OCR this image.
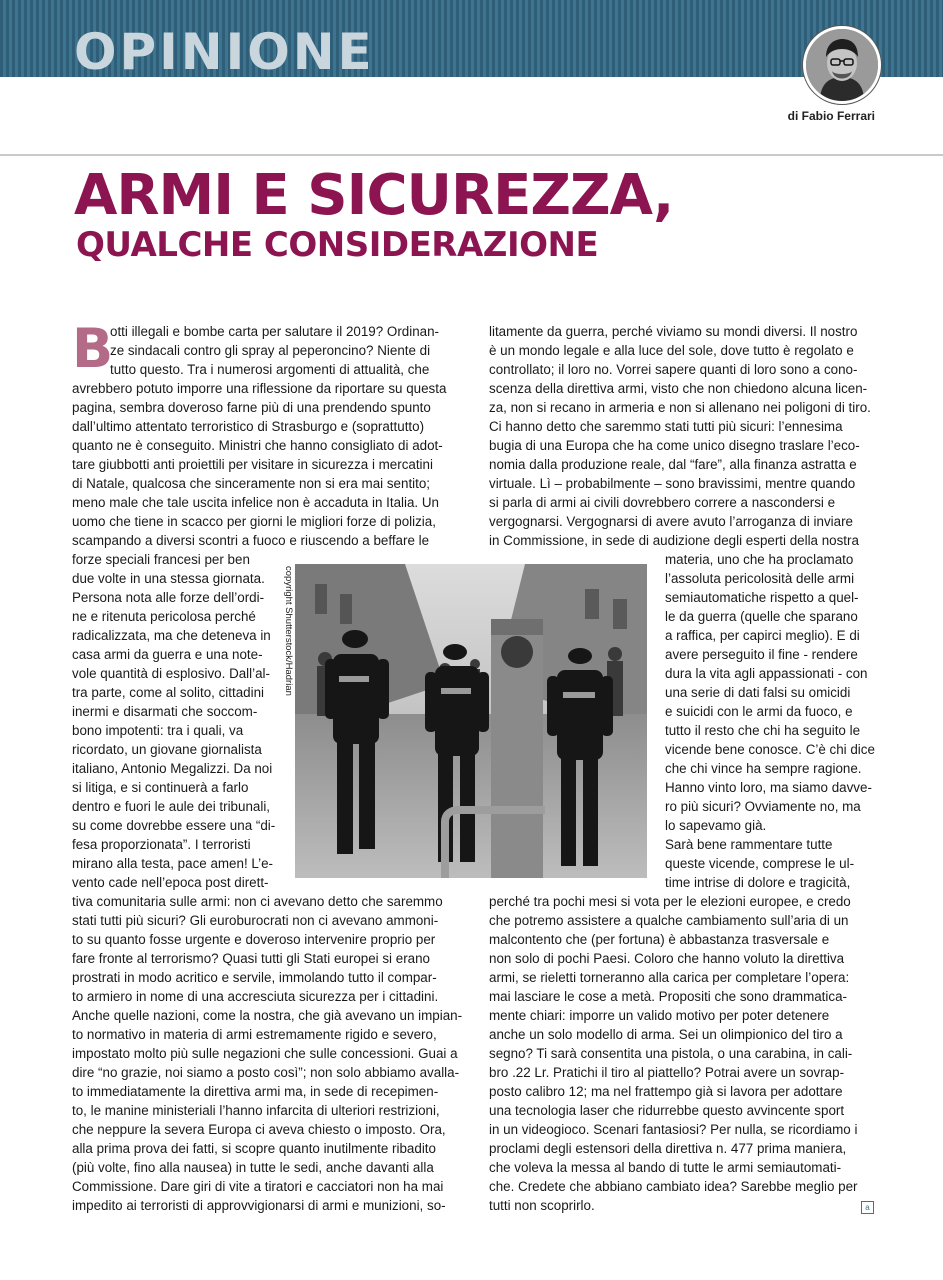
OPINIONE
di Fabio Ferrari
ARMI E SICUREZZA,
QUALCHE CONSIDERAZIONE
B
otti illegali e bombe carta per salutare il 2019? Ordinan-
ze sindacali contro gli spray al peperoncino? Niente di
tutto questo. Tra i numerosi argomenti di attualità, che
avrebbero potuto imporre una riflessione da riportare su questa
pagina, sembra doveroso farne più di una prendendo spunto
dall’ultimo attentato terroristico di Strasburgo e (soprattutto)
quanto ne è conseguito. Ministri che hanno consigliato di adot-
tare giubbotti anti proiettili per visitare in sicurezza i mercatini
di Natale, qualcosa che sinceramente non si era mai sentito;
meno male che tale uscita infelice non è accaduta in Italia. Un
uomo che tiene in scacco per giorni le migliori forze di polizia,
scampando a diversi scontri a fuoco e riuscendo a beffare le
forze speciali francesi per ben
due volte in una stessa giornata.
Persona nota alle forze dell’ordi-
ne e ritenuta pericolosa perché
radicalizzata, ma che deteneva in
casa armi da guerra e una note-
vole quantità di esplosivo. Dall’al-
tra parte, come al solito, cittadini
inermi e disarmati che soccom-
bono impotenti: tra i quali, va
ricordato, un giovane giornalista
italiano, Antonio Megalizzi. Da noi
si litiga, e si continuerà a farlo
dentro e fuori le aule dei tribunali,
su come dovrebbe essere una “di-
fesa proporzionata”. I terroristi
mirano alla testa, pace amen! L’e-
vento cade nell’epoca post dirett-
tiva comunitaria sulle armi: non ci avevano detto che saremmo
stati tutti più sicuri? Gli euroburocrati non ci avevano ammoni-
to su quanto fosse urgente e doveroso intervenire proprio per
fare fronte al terrorismo? Quasi tutti gli Stati europei si erano
prostrati in modo acritico e servile, immolando tutto il compar-
to armiero in nome di una accresciuta sicurezza per i cittadini.
Anche quelle nazioni, come la nostra, che già avevano un impian-
to normativo in materia di armi estremamente rigido e severo,
impostato molto più sulle negazioni che sulle concessioni. Guai a
dire “no grazie, noi siamo a posto così”; non solo abbiamo avalla-
to immediatamente la direttiva armi ma, in sede di recepimen-
to, le manine ministeriali l’hanno infarcita di ulteriori restrizioni,
che neppure la severa Europa ci aveva chiesto o imposto. Ora,
alla prima prova dei fatti, si scopre quanto inutilmente ribadito
(più volte, fino alla nausea) in tutte le sedi, anche davanti alla
Commissione. Dare giri di vite a tiratori e cacciatori non ha mai
impedito ai terroristi di approvvigionarsi di armi e munizioni, so-
litamente da guerra, perché viviamo su mondi diversi. Il nostro
è un mondo legale e alla luce del sole, dove tutto è regolato e
controllato; il loro no. Vorrei sapere quanti di loro sono a cono-
scenza della direttiva armi, visto che non chiedono alcuna licen-
za, non si recano in armeria e non si allenano nei poligoni di tiro.
Ci hanno detto che saremmo stati tutti più sicuri: l’ennesima
bugia di una Europa che ha come unico disegno traslare l’eco-
nomia dalla produzione reale, dal “fare”, alla finanza astratta e
virtuale. Lì – probabilmente – sono bravissimi, mentre quando
si parla di armi ai civili dovrebbero correre a nascondersi e
vergognarsi. Vergognarsi di avere avuto l’arroganza di inviare
in Commissione, in sede di audizione degli esperti della nostra
materia, uno che ha proclamato
l’assoluta pericolosità delle armi
semiautomatiche rispetto a quel-
le da guerra (quelle che sparano
a raffica, per capirci meglio). E di
avere perseguito il fine - rendere
dura la vita agli appassionati - con
una serie di dati falsi su omicidi
e suicidi con le armi da fuoco, e
tutto il resto che chi ha seguito le
vicende bene conosce. C’è chi dice
che chi vince ha sempre ragione.
Hanno vinto loro, ma siamo davve-
ro più sicuri? Ovviamente no, ma
lo sapevamo già.
Sarà bene rammentare tutte
queste vicende, comprese le ul-
time intrise di dolore e tragicità,
perché tra pochi mesi si vota per le elezioni europee, e credo
che potremo assistere a qualche cambiamento sull’aria di un
malcontento che (per fortuna) è abbastanza trasversale e
non solo di pochi Paesi. Coloro che hanno voluto la direttiva
armi, se rieletti torneranno alla carica per completare l’opera:
mai lasciare le cose a metà. Propositi che sono drammatica-
mente chiari: imporre un valido motivo per poter detenere
anche un solo modello di arma. Sei un olimpionico del tiro a
segno? Ti sarà consentita una pistola, o una carabina, in cali-
bro .22 Lr. Pratichi il tiro al piattello? Potrai avere un sovrap-
posto calibro 12; ma nel frattempo già si lavora per adottare
una tecnologia laser che ridurrebbe questo avvincente sport
in un videogioco. Scenari fantasiosi? Per nulla, se ricordiamo i
proclami degli estensori della direttiva n. 477 prima maniera,
che voleva la messa al bando di tutte le armi semiautomati-
che. Credete che abbiano cambiato idea? Sarebbe meglio per
tutti non scoprirlo.
copyright Shutterstock/Hadrian
a
